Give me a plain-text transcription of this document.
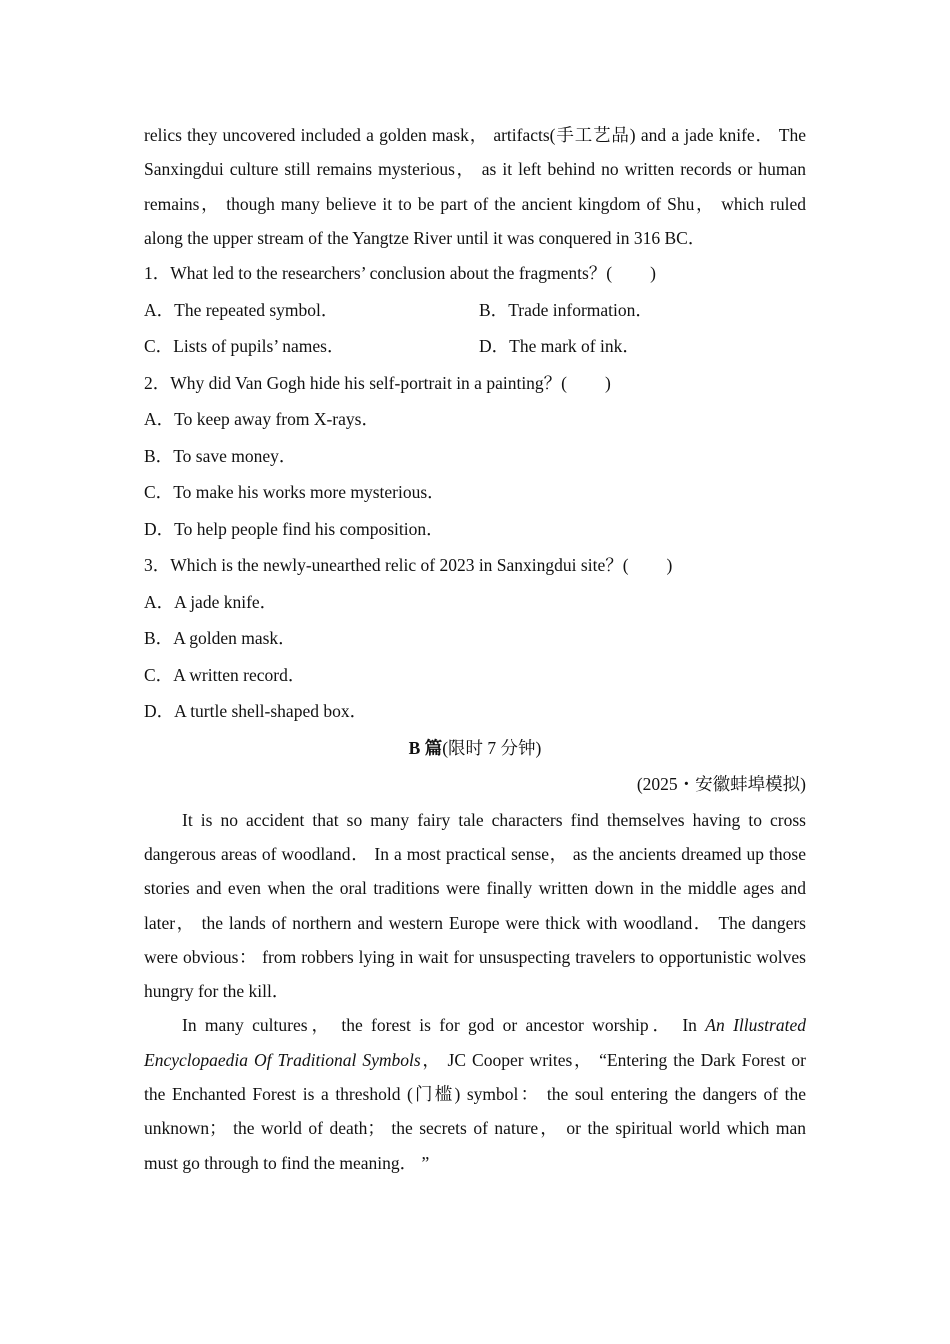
relics they uncovered included a golden mask， artifacts(手工艺品) and a jade knife． The Sanxingdui culture still remains mysterious， as it left behind no written records or human remains， though many believe it to be part of the ancient kingdom of Shu， which ruled along the upper stream of the Yangtze River until it was conquered in 316 BC．

1．What led to the researchers’ conclusion about the fragments？( )

A．The repeated symbol．	B．Trade information．
C．Lists of pupils’ names．	D．The mark of ink．

2．Why did Van Gogh hide his self-portrait in a painting？( )

A．To keep away from X-rays．

B．To save money．

C．To make his works more mysterious．

D．To help people find his composition．

3．Which is the newly-unearthed relic of 2023 in Sanxingdui site？( )

A．A jade knife．

B．A golden mask．

C．A written record．

D．A turtle shell-shaped box．

B 篇(限时 7 分钟)
(2025・安徽蚌埠模拟)

It is no accident that so many fairy tale characters find themselves having to cross dangerous areas of woodland． In a most practical sense， as the ancients dreamed up those stories and even when the oral traditions were finally written down in the middle ages and later， the lands of northern and western Europe were thick with woodland． The dangers were obvious： from robbers lying in wait for unsuspecting travelers to opportunistic wolves hungry for the kill．

In many cultures， the forest is for god or ancestor worship． In An Illustrated Encyclopaedia Of Traditional Symbols， JC Cooper writes， “Entering the Dark Forest or the Enchanted Forest is a threshold (门槛) symbol： the soul entering the dangers of the unknown； the world of death； the secrets of nature， or the spiritual world which man must go through to find the meaning． ”
